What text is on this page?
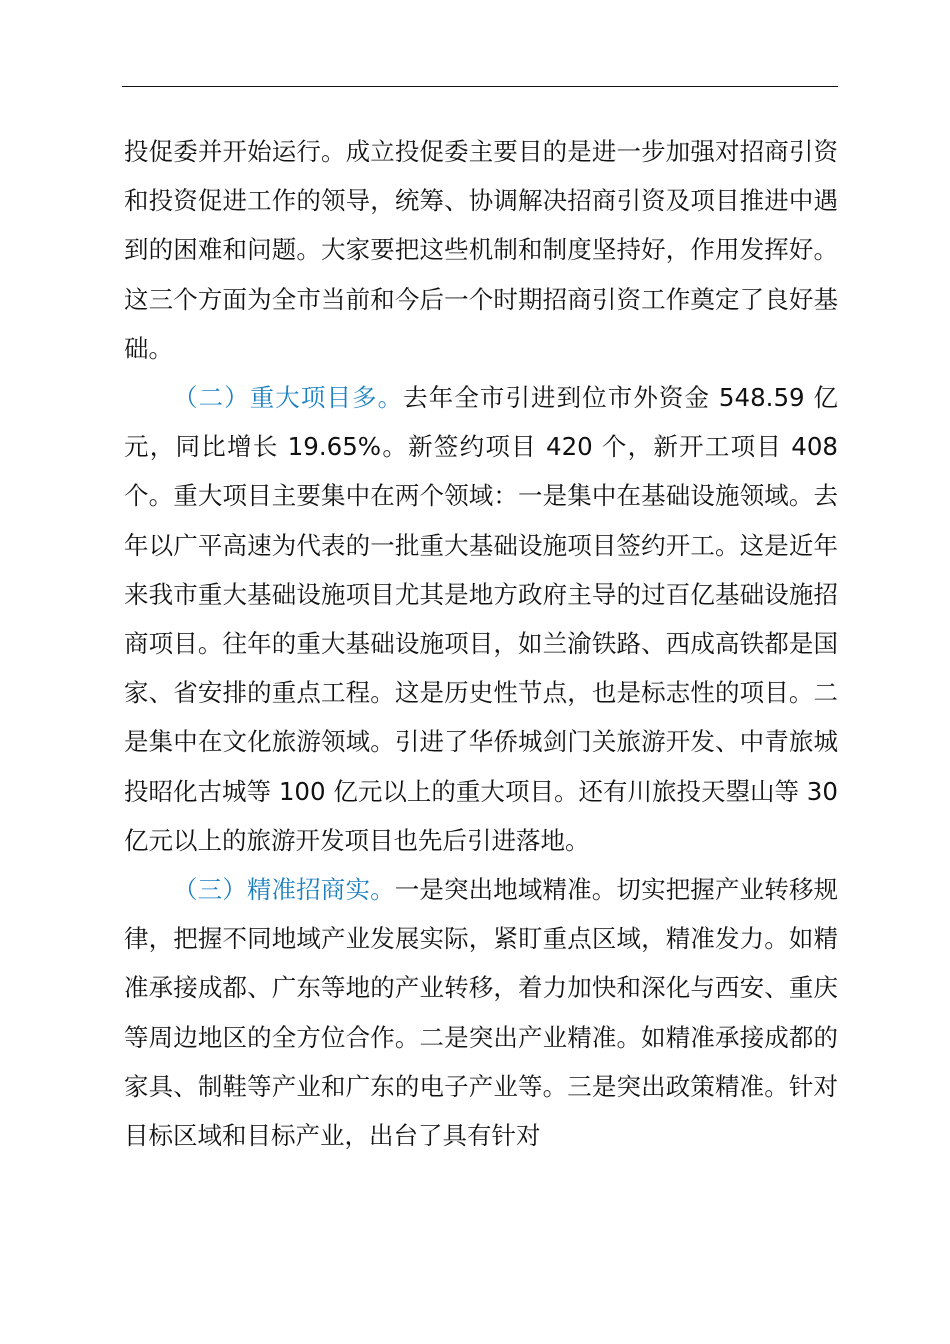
投促委并开始运行。成立投促委主要目的是进一步加强对招商引资和投资促进工作的领导，统筹、协调解决招商引资及项目推进中遇到的困难和问题。大家要把这些机制和制度坚持好，作用发挥好。这三个方面为全市当前和今后一个时期招商引资工作奠定了良好基础。

（二）重大项目多。去年全市引进到位市外资金 548.59 亿元，同比增长 19.65%。新签约项目 420 个，新开工项目 408 个。重大项目主要集中在两个领域：一是集中在基础设施领域。去年以广平高速为代表的一批重大基础设施项目签约开工。这是近年来我市重大基础设施项目尤其是地方政府主导的过百亿基础设施招商项目。往年的重大基础设施项目，如兰渝铁路、西成高铁都是国家、省安排的重点工程。这是历史性节点，也是标志性的项目。二是集中在文化旅游领域。引进了华侨城剑门关旅游开发、中青旅城投昭化古城等 100 亿元以上的重大项目。还有川旅投天曌山等 30 亿元以上的旅游开发项目也先后引进落地。

（三）精准招商实。一是突出地域精准。切实把握产业转移规律，把握不同地域产业发展实际，紧盯重点区域，精准发力。如精准承接成都、广东等地的产业转移，着力加快和深化与西安、重庆等周边地区的全方位合作。二是突出产业精准。如精准承接成都的家具、制鞋等产业和广东的电子产业等。三是突出政策精准。针对目标区域和目标产业，出台了具有针对
